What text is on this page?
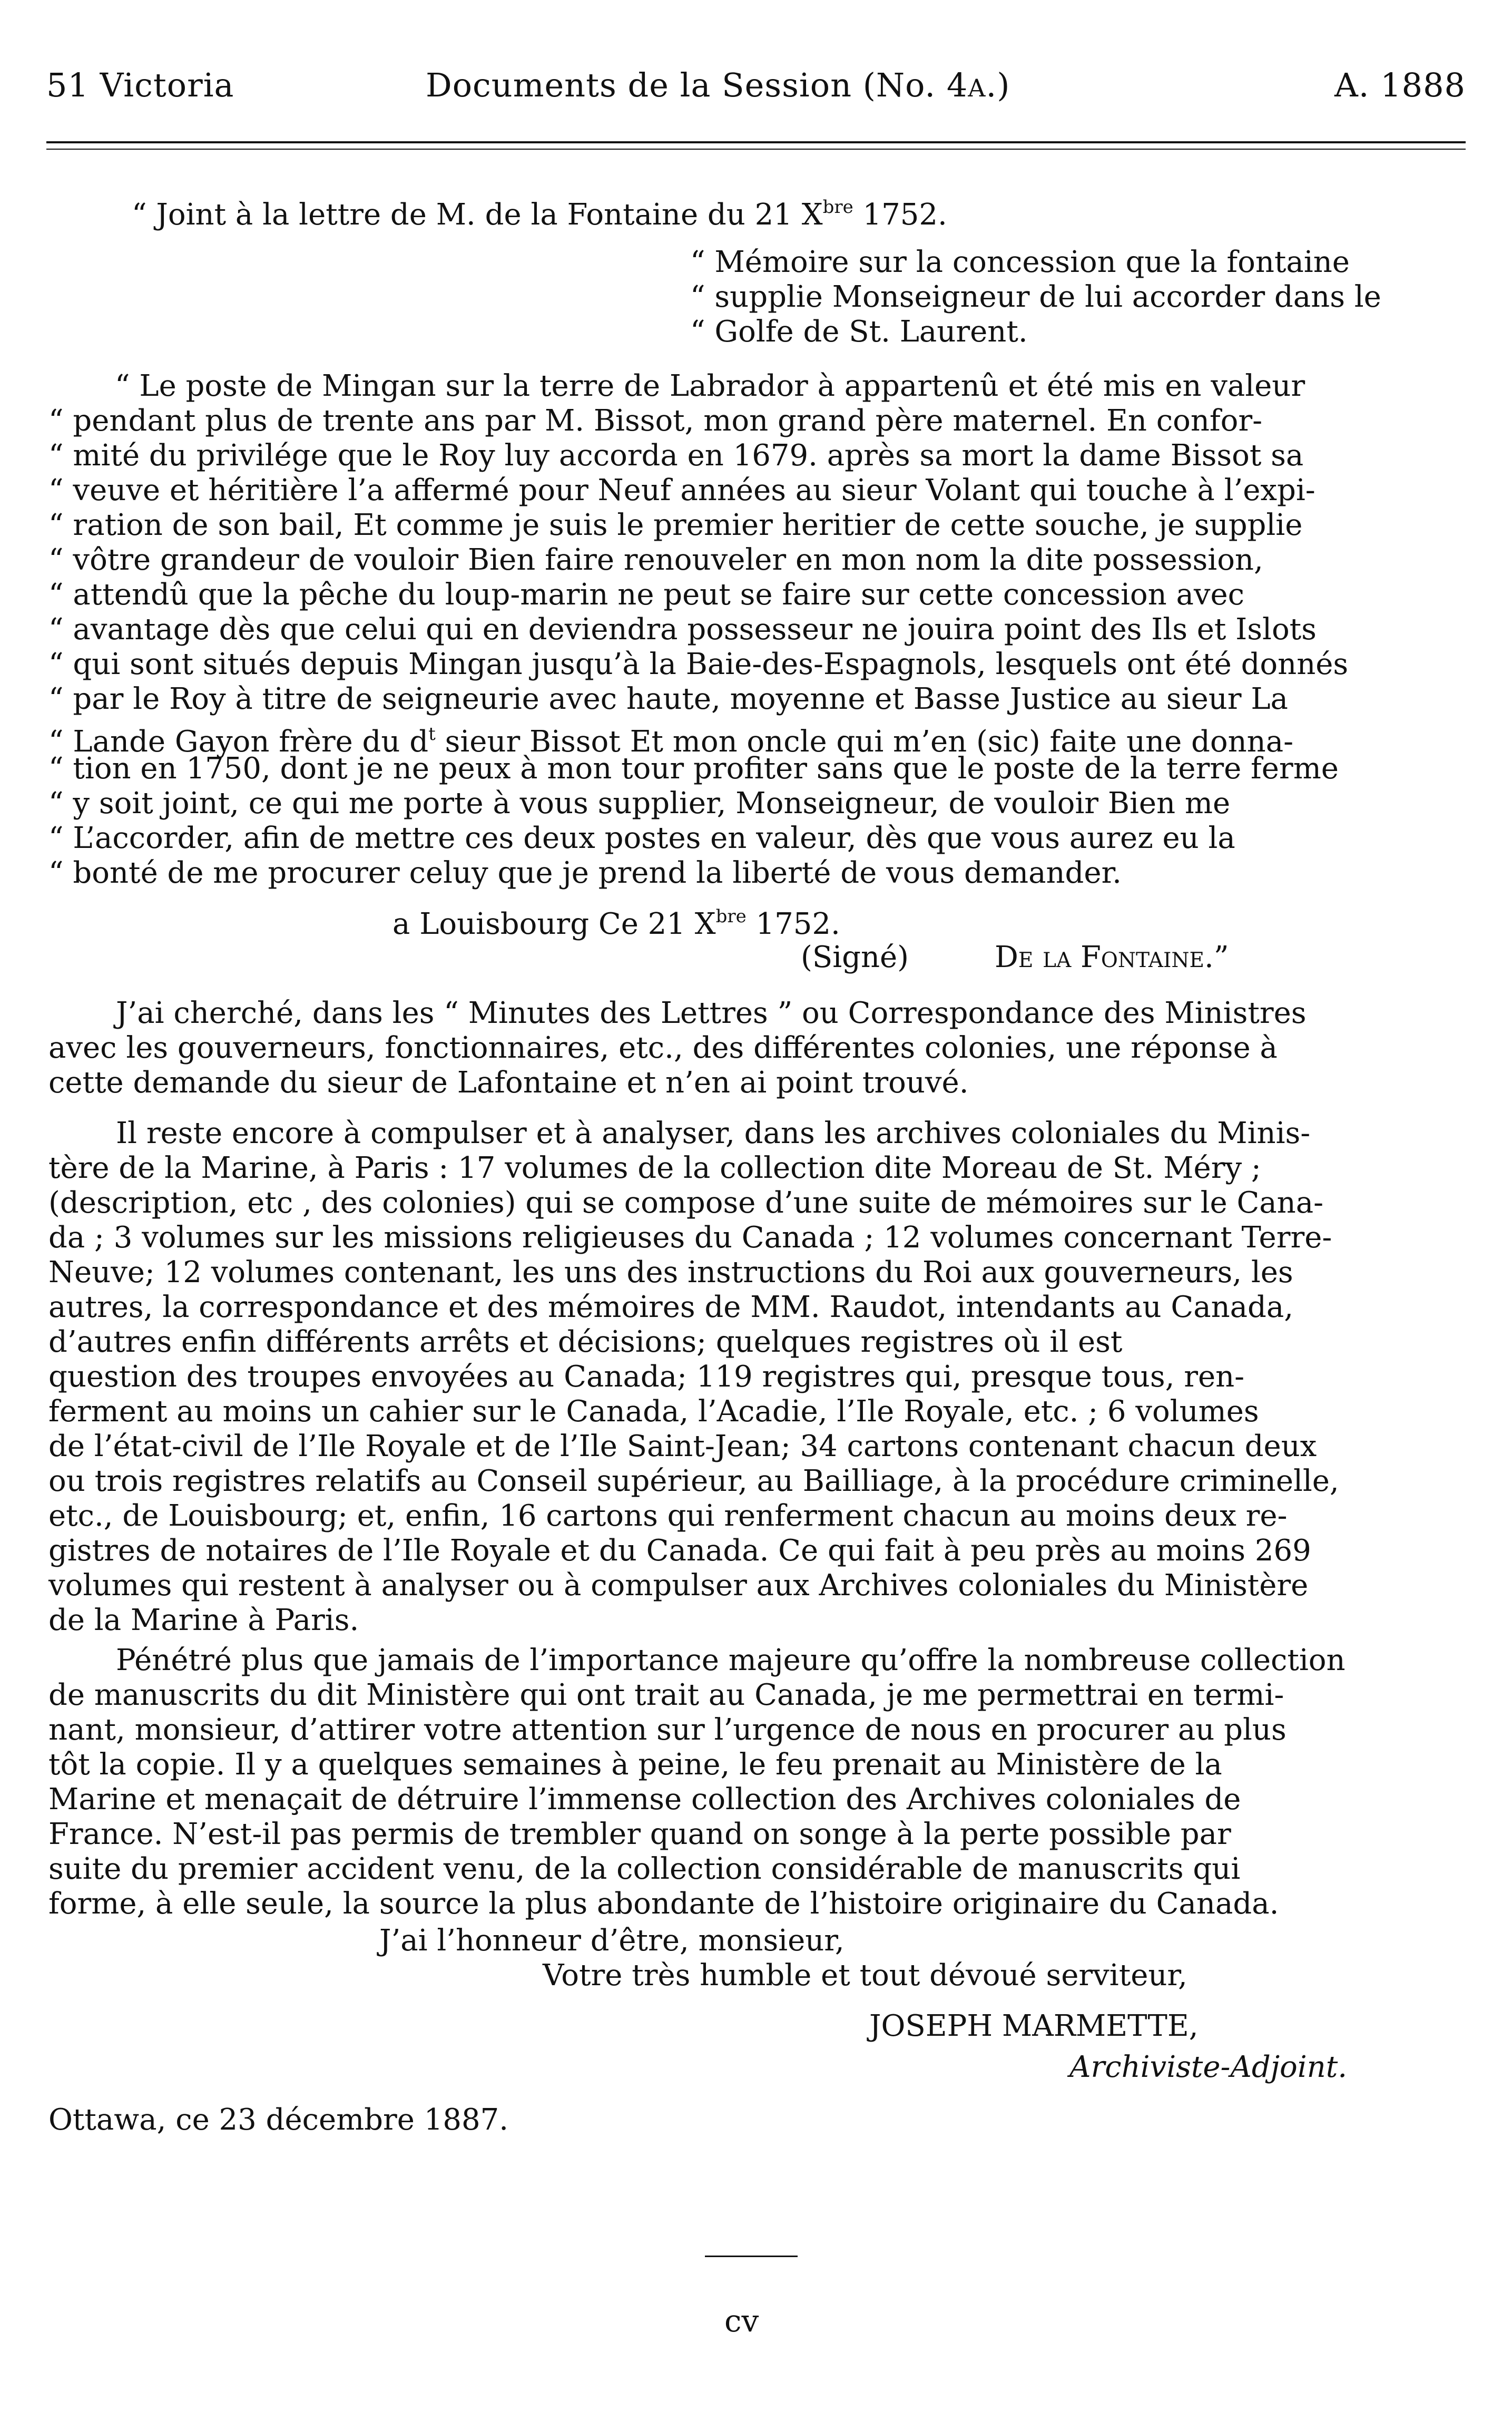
51 Victoria	Documents de la Session (No. 4A.)	A. 1888
“ Joint à la lettre de M. de la Fontaine du 21 $X^{bre}$ 1752.
“ Mémoire sur la concession que la fontaine
“ supplie Monseigneur de lui accorder dans le
“ Golfe de St. Laurent.
“ Le poste de Mingan sur la terre de Labrador à appartenû et été mis en valeur
“ pendant plus de trente ans par M. Bissot, mon grand père maternel. En confor-
“ mité du privilége que le Roy luy accorda en 1679. après sa mort la dame Bissot sa
“ veuve et héritière l’a affermé pour Neuf années au sieur Volant qui touche à l’expi-
“ ration de son bail, Et comme je suis le premier heritier de cette souche, je supplie
“ vôtre grandeur de vouloir Bien faire renouveler en mon nom la dite possession,
“ attendû que la pêche du loup-marin ne peut se faire sur cette concession avec
“ avantage dès que celui qui en deviendra possesseur ne jouira point des Ils et Islots
“ qui sont situés depuis Mingan jusqu’à la Baie-des-Espagnols, lesquels ont été donnés
“ par le Roy à titre de seigneurie avec haute, moyenne et Basse Justice au sieur La
“ Lande Gayon frère du $d^t$ sieur Bissot Et mon oncle qui m’en (sic) faite une donna-
“ tion en 1750, dont je ne peux à mon tour profiter sans que le poste de la terre ferme
“ y soit joint, ce qui me porte à vous supplier, Monseigneur, de vouloir Bien me
“ L’accorder, afin de mettre ces deux postes en valeur, dès que vous aurez eu la
“ bonté de me procurer celuy que je prend la liberté de vous demander.
a Louisbourg Ce 21 $X^{bre}$ 1752.
(Signé)	De la Fontaine.”
J’ai cherché, dans les “ Minutes des Lettres ” ou Correspondance des Ministres
avec les gouverneurs, fonctionnaires, etc., des différentes colonies, une réponse à
cette demande du sieur de Lafontaine et n’en ai point trouvé.
Il reste encore à compulser et à analyser, dans les archives coloniales du Minis-
tère de la Marine, à Paris : 17 volumes de la collection dite Moreau de St. Méry ;
(description, etc , des colonies) qui se compose d’une suite de mémoires sur le Cana-
da ; 3 volumes sur les missions religieuses du Canada ; 12 volumes concernant Terre-
Neuve; 12 volumes contenant, les uns des instructions du Roi aux gouverneurs, les
autres, la correspondance et des mémoires de MM. Raudot, intendants au Canada,
d’autres enfin différents arrêts et décisions; quelques registres où il est
question des troupes envoyées au Canada; 119 registres qui, presque tous, ren-
ferment au moins un cahier sur le Canada, l’Acadie, l’Ile Royale, etc. ; 6 volumes
de l’état-civil de l’Ile Royale et de l’Ile Saint-Jean; 34 cartons contenant chacun deux
ou trois registres relatifs au Conseil supérieur, au Bailliage, à la procédure criminelle,
etc., de Louisbourg; et, enfin, 16 cartons qui renferment chacun au moins deux re-
gistres de notaires de l’Ile Royale et du Canada. Ce qui fait à peu près au moins 269
volumes qui restent à analyser ou à compulser aux Archives coloniales du Ministère
de la Marine à Paris.
Pénétré plus que jamais de l’importance majeure qu’offre la nombreuse collection
de manuscrits du dit Ministère qui ont trait au Canada, je me permettrai en termi-
nant, monsieur, d’attirer votre attention sur l’urgence de nous en procurer au plus
tôt la copie. Il y a quelques semaines à peine, le feu prenait au Ministère de la
Marine et menaçait de détruire l’immense collection des Archives coloniales de
France. N’est-il pas permis de trembler quand on songe à la perte possible par
suite du premier accident venu, de la collection considérable de manuscrits qui
forme, à elle seule, la source la plus abondante de l’histoire originaire du Canada.
J’ai l’honneur d’être, monsieur,
Votre très humble et tout dévoué serviteur,
JOSEPH MARMETTE,
Archiviste-Adjoint.
Ottawa, ce 23 décembre 1887.
cv
